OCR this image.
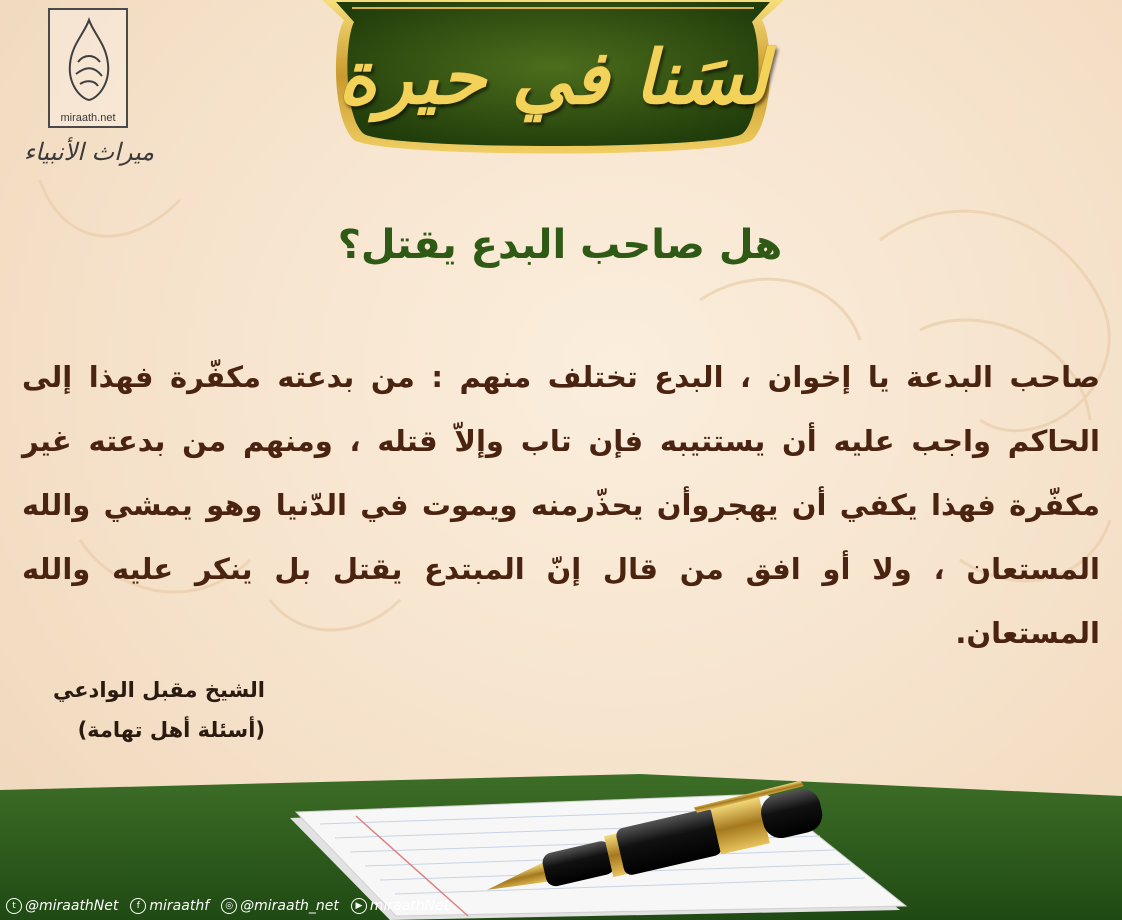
لسَنا في حيرة
miraath.net
ميراث الأنبياء
هل صاحب البدع يقتل؟
صاحب البدعة يا إخوان ، البدع تختلف منهم : من بدعته مكفّرة فهذا إلى الحاكم واجب عليه أن يستتيبه فإن تاب وإلاّ قتله ، ومنهم من بدعته غير مكفّرة فهذا يكفي أن يهجروأن يحذّرمنه ويموت في الدّنيا وهو يمشي والله المستعان ، ولا أو افق من قال إنّ المبتدع يقتل بل ينكر عليه والله المستعان.
الشيخ مقبل الوادعي
(أسئلة أهل تهامة)
t @miraathNet	f miraathf	◎ @miraath_net	▶ miraathNet
